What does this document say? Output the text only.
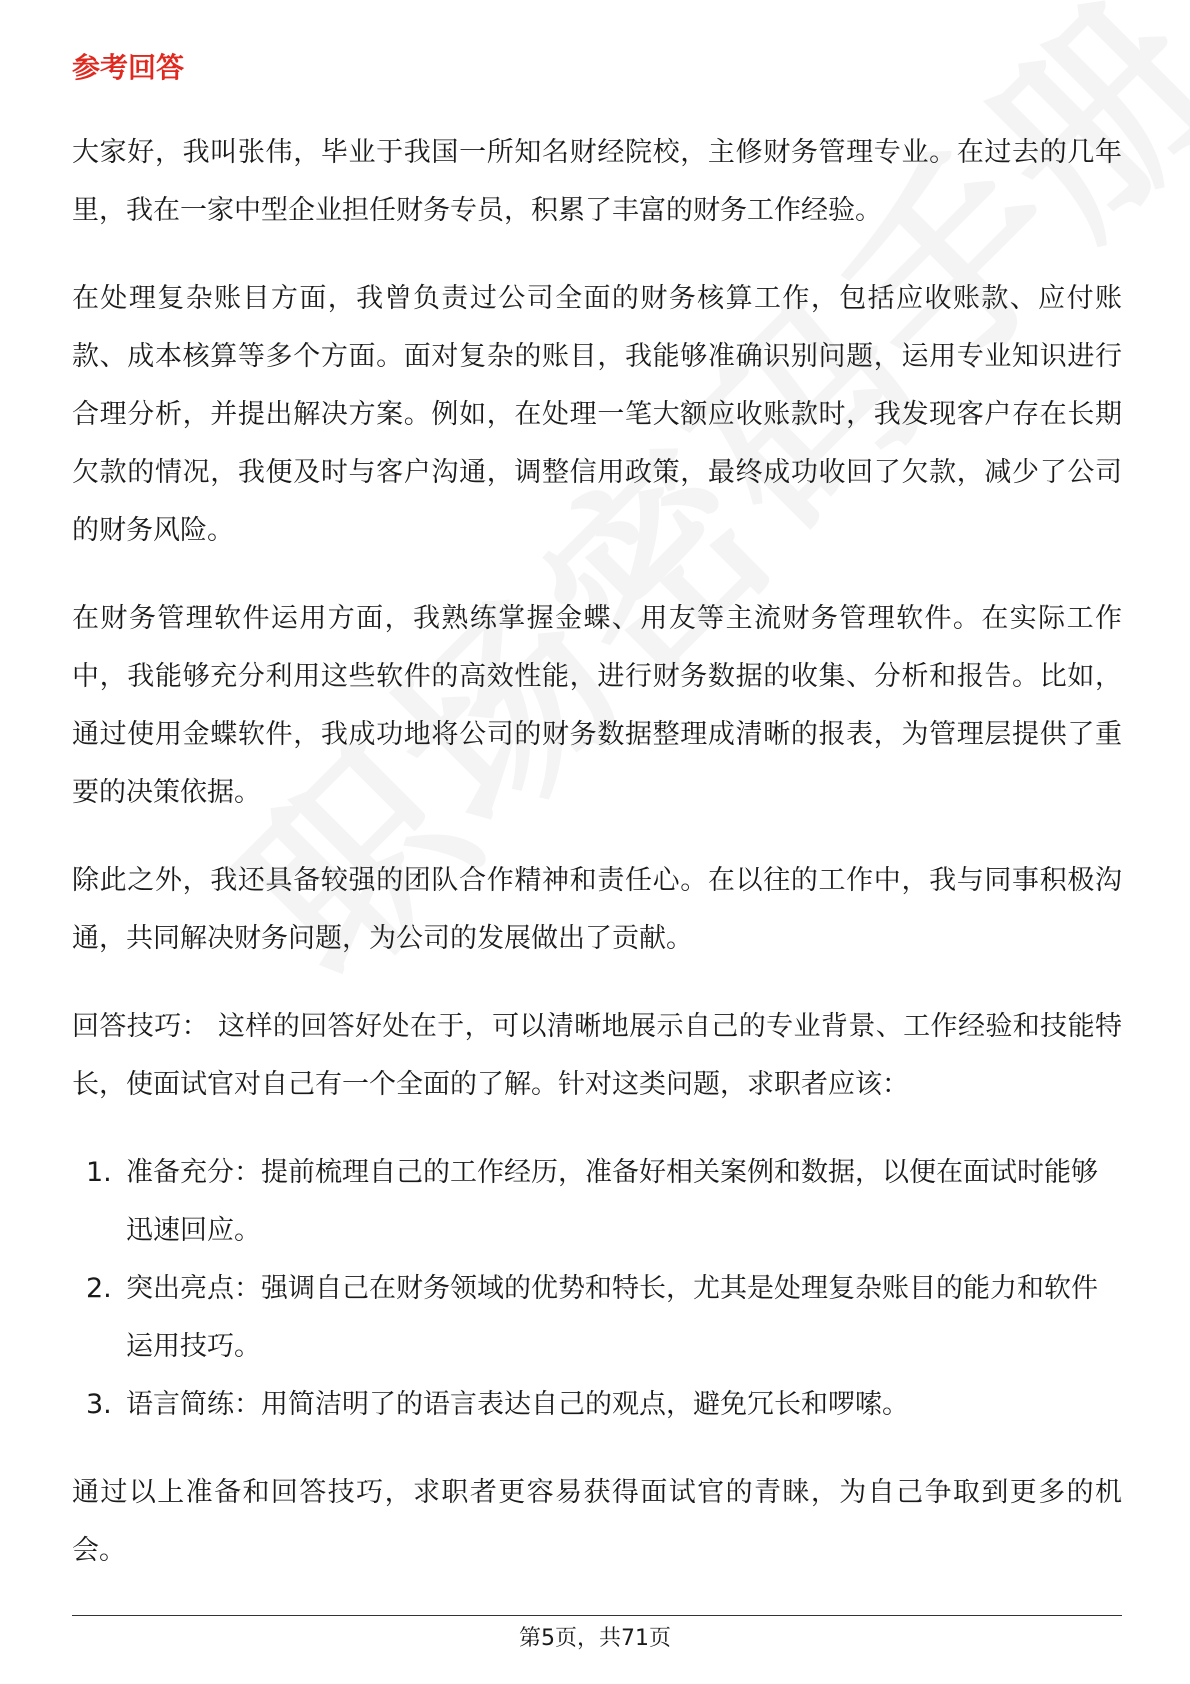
参考回答

大家好，我叫张伟，毕业于我国一所知名财经院校，主修财务管理专业。在过去的几年里，我在一家中型企业担任财务专员，积累了丰富的财务工作经验。

在处理复杂账目方面，我曾负责过公司全面的财务核算工作，包括应收账款、应付账款、成本核算等多个方面。面对复杂的账目，我能够准确识别问题，运用专业知识进行合理分析，并提出解决方案。例如，在处理一笔大额应收账款时，我发现客户存在长期欠款的情况，我便及时与客户沟通，调整信用政策，最终成功收回了欠款，减少了公司的财务风险。

在财务管理软件运用方面，我熟练掌握金蝶、用友等主流财务管理软件。在实际工作中，我能够充分利用这些软件的高效性能，进行财务数据的收集、分析和报告。比如，通过使用金蝶软件，我成功地将公司的财务数据整理成清晰的报表，为管理层提供了重要的决策依据。

除此之外，我还具备较强的团队合作精神和责任心。在以往的工作中，我与同事积极沟通，共同解决财务问题，为公司的发展做出了贡献。

回答技巧： 这样的回答好处在于，可以清晰地展示自己的专业背景、工作经验和技能特长，使面试官对自己有一个全面的了解。针对这类问题，求职者应该：

1. 准备充分：提前梳理自己的工作经历，准备好相关案例和数据，以便在面试时能够迅速回应。
2. 突出亮点：强调自己在财务领域的优势和特长，尤其是处理复杂账目的能力和软件运用技巧。
3. 语言简练：用简洁明了的语言表达自己的观点，避免冗长和啰嗦。

通过以上准备和回答技巧，求职者更容易获得面试官的青睐，为自己争取到更多的机会。

第5页，共71页
